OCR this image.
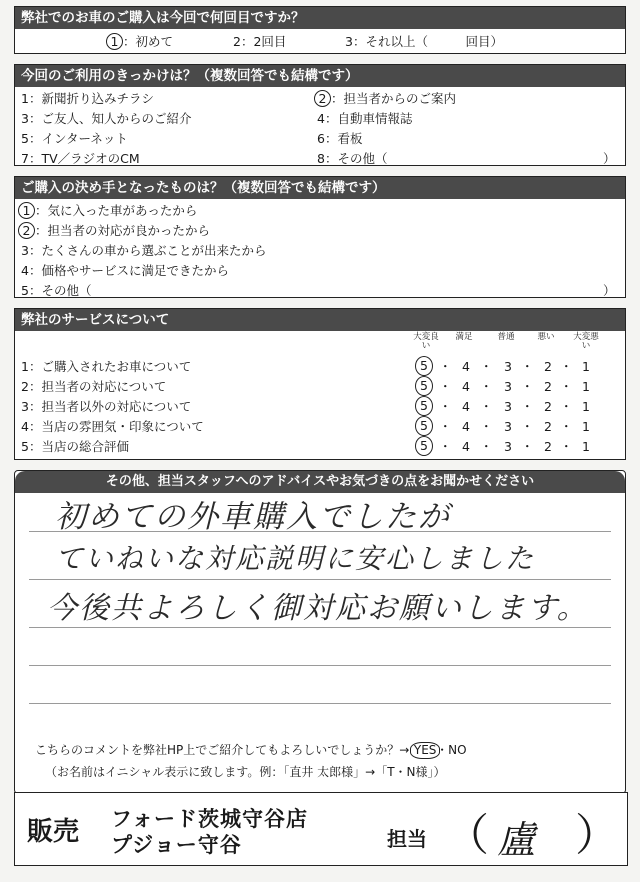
弊社でのお車のご購入は今回で何回目ですか？
1 ：初めて	2：2回目	3：それ以上（　　　回目）
今回のご利用のきっかけは？（複数回答でも結構です）
1：新聞折り込みチラシ	2 ：担当者からのご案内
3：ご友人、知人からのご紹介	4：自動車情報誌
5：インターネット	6：看板
7：TV／ラジオのCM	8：その他（	）
ご購入の決め手となったものは？（複数回答でも結構です）
1 ：気に入った車があったから
2 ：担当者の対応が良かったから
3：たくさんの車から選ぶことが出来たから
4：価格やサービスに満足できたから
5：その他（	）
弊社のサービスについて
大変良い
満足	普通	悪い	大変悪い
1：ご購入されたお車について	5	4	3	2	1
・ ・ ・ ・
2：担当者の対応について	5	4	3	2	1
・ ・ ・ ・
3：担当者以外の対応について	5	4	3	2	1
・ ・ ・ ・
4：当店の雰囲気・印象について	5	4	3	2	1
・ ・ ・ ・
5：当店の総合評価	5	4	3	2	1
・ ・ ・ ・
その他、担当スタッフへのアドバイスやお気づきの点をお聞かせください
初めての外車購入でしたが
ていねいな対応説明に安心しました
今後共よろしく御対応お願いします。
こちらのコメントを弊社HP上でご紹介してもよろしいでしょうか？→ YES・NO
（お名前はイニシャル表示に致します。例：「直井 太郎様」→「T・N様」）
販売 フォード茨城守谷店
プジョー守谷	担当 （ 盧 ）
